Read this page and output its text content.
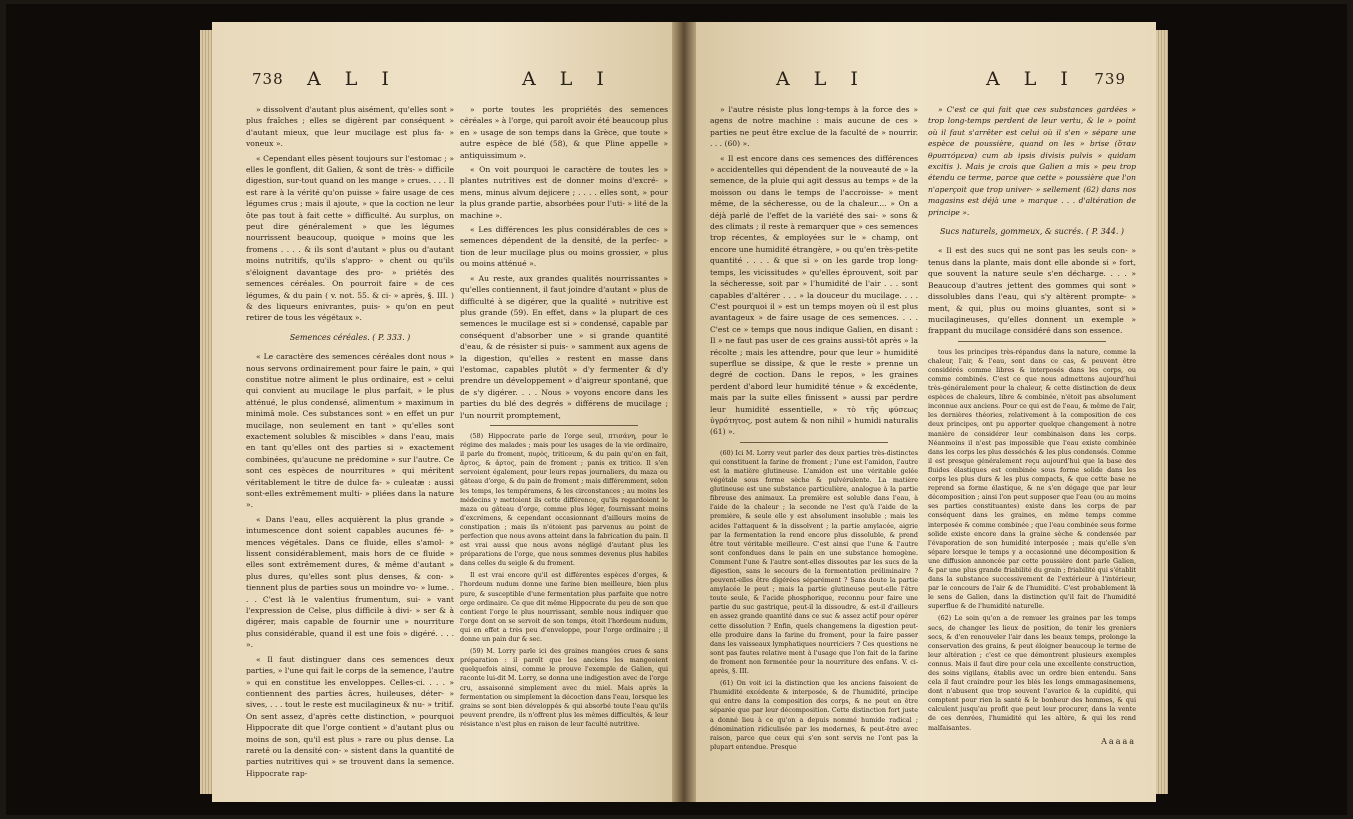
738 A L I	A L I

» dissolvent d'autant plus aisément, qu'elles sont » plus fraîches ; elles se digèrent par conséquent » d'autant mieux, que leur mucilage est plus fa- » voneux ».

« Cependant elles pèsent toujours sur l'estomac ; » elles le gonflent, dit Galien, & sont de très- » difficile digestion, sur-tout quand on les mange » crues. . . . Il est rare à la vérité qu'on puisse » faire usage de ces légumes crus ; mais il ajoute, » que la coction ne leur ôte pas tout à fait cette » difficulté. Au surplus, on peut dire généralement » que les légumes nourrissent beaucoup, quoique » moins que les fromens . . . . & ils sont d'autant » plus ou d'autant moins nutritifs, qu'ils s'appro- » chent ou qu'ils s'éloignent davantage des pro- » priétés des semences céréales. On pourroit faire » de ces légumes, & du pain ( v. not. 55. & ci- » après, §. III. ) & des liqueurs enivrantes, puis- » qu'on en peut retirer de tous les végétaux ».

Semences céréales. ( P. 333. )

« Le caractère des semences céréales dont nous » nous servons ordinairement pour faire le pain, » qui constitue notre aliment le plus ordinaire, est » celui qui convient au mucilage le plus parfait, » le plus atténué, le plus condensé, alimentum » maximum in minimâ mole. Ces substances sont » en effet un pur mucilage, non seulement en tant » qu'elles sont exactement solubles & miscibles » dans l'eau, mais en tant qu'elles ont des parties si » exactement combinées, qu'aucune ne prédomine » sur l'autre. Ce sont ces espèces de nourritures » qui méritent véritablement le titre de dulce fa- » culeatæ : aussi sont-elles extrêmement multi- » pliées dans la nature ».

« Dans l'eau, elles acquièrent la plus grande » intumescence dont soient capables aucunes fé- » mences végétales. Dans ce fluide, elles s'amol- » lissent considérablement, mais hors de ce fluide » elles sont extrêmement dures, & même d'autant » plus dures, qu'elles sont plus denses, & con- » tiennent plus de parties sous un moindre vo- » lume. . . . C'est là le valentius frumentum, sui- » vant l'expression de Celse, plus difficile à divi- » ser & à digérer, mais capable de fournir une » nourriture plus considérable, quand il est une fois » digéré. . . . ».

« Il faut distinguer dans ces semences deux parties, » l'une qui fait le corps de la semence, l'autre » qui en constitue les enveloppes. Celles-ci. . . . » contiennent des parties âcres, huileuses, déter- » sives, . . . tout le reste est mucilagineux & nu- » tritif. On sent assez, d'après cette distinction, » pourquoi Hippocrate dit que l'orge contient » d'autant plus ou moins de son, qu'il est plus » rare ou plus dense. La rareté ou la densité con- » sistent dans la quantité de parties nutritives qui » se trouvent dans la semence. Hippocrate rap-

» porte toutes les propriétés des semences céréales » à l'orge, qui paroît avoir été beaucoup plus en » usage de son temps dans la Grèce, que toute » autre espèce de blé (58), & que Pline appelle » antiquissimum ».

« On voit pourquoi le caractère de toutes les » plantes nutritives est de donner moins d'excré- » mens, minus alvum dejicere ; . . . . elles sont, » pour la plus grande partie, absorbées pour l'uti- » lité de la machine ».

« Les différences les plus considérables de ces » semences dépendent de la densité, de la perfec- » tion de leur mucilage plus ou moins grossier, » plus ou moins atténué ».

« Au reste, aux grandes qualités nourrissantes » qu'elles contiennent, il faut joindre d'autant » plus de difficulté à se digérer, que la qualité » nutritive est plus grande (59). En effet, dans » la plupart de ces semences le mucilage est si » condensé, capable par conséquent d'absorber une » si grande quantité d'eau, & de résister si puis- » samment aux agens de la digestion, qu'elles » restent en masse dans l'estomac, capables plutôt » d'y fermenter & d'y prendre un développement » d'aigreur spontané, que de s'y digérer. . . . Nous » voyons encore dans les parties du blé des degrés » différens de mucilage ; l'un nourrit promptement,

(58) Hippocrate parle de l'orge seul, πτισάνη, pour le régime des malades ; mais pour les usages de la vie ordinaire, il parle du froment, πυρὸς, triticeum, & du pain qu'on en fait, ἄρτος, & ἀρτος, pain de froment ; panis ex tritico. Il s'en servoient également, pour leurs repas journaliers, du maza ou gâteau d'orge, & du pain de froment ; mais différemment, selon les temps, les tempéramens, & les circonstances ; au moins les médecins y mettoient ils cette différence, qu'ils regardoient le maza ou gâteau d'orge, comme plus léger, fournissant moins d'excrémens, & cependant occasionnant d'ailleurs moins de constipation ; mais ils n'étoient pas parvenus au point de perfection que nous avons atteint dans la fabrication du pain. Il est vrai aussi que nous avons négligé d'autant plus les préparations de l'orge, que nous sommes devenus plus habiles dans celles du seigle & du froment.

Il est vrai encore qu'il est différentes espèces d'orges, & l'hordeum nudum donne une farine bien meilleure, bien plus pure, & susceptible d'une fermentation plus parfaite que notre orge ordinaire. Ce que dit même Hippocrate du peu de son que contient l'orge le plus nourrissant, semble nous indiquer que l'orge dont on se servoit de son temps, étoit l'hordeum nudum, qui en effet a très peu d'enveloppe, pour l'orge ordinaire ; il donne un pain dur & sec.

(59) M. Lorry parle ici des graines mangées crues & sans préparation : il paroît que les anciens les mangeoient quelquefois ainsi, comme le prouve l'exemple de Galien, qui raconte lui-dit M. Lorry, se donna une indigestion avec de l'orge cru, assaisonné simplement avec du miel. Mais après la fermentation ou simplement la décoction dans l'eau, lorsque les grains se sont bien développés & qui absorbé toute l'eau qu'ils peuvent prendre, ils n'offrent plus les mêmes difficultés, & leur résistance n'est plus en raison de leur faculté nutritive.

A L I	A L I 739

» l'autre résiste plus long-temps à la force des » agens de notre machine : mais aucune de ces » parties ne peut être exclue de la faculté de » nourrir. . . . (60) ».

« Il est encore dans ces semences des différences » accidentelles qui dépendent de la nouveauté de » la semence, de la pluie qui agit dessus au temps » de la moisson ou dans le temps de l'accroisse- » ment même, de la sécheresse, ou de la chaleur.... » On a déjà parlé de l'effet de la variété des sai- » sons & des climats ; il reste à remarquer que » ces semences trop récentes, & employées sur le » champ, ont encore une humidité étrangère, » ou qu'en très-petite quantité . . . . & que si » on les garde trop long-temps, les vicissitudes » qu'elles éprouvent, soit par la sécheresse, soit par » l'humidité de l'air . . . sont capables d'altérer . . . » la douceur du mucilage. . . . C'est pourquoi il » est un temps moyen où il est plus avantageux » de faire usage de ces semences. . . . C'est ce » temps que nous indique Galien, en disant : Il » ne faut pas user de ces grains aussi-tôt après » la récolte ; mais les attendre, pour que leur » humidité superflue se dissipe, & que le reste » prenne un degré de coction. Dans le repos, » les graines perdent d'abord leur humidité ténue » & excédente, mais par la suite elles finissent » aussi par perdre leur humidité essentielle, » τὸ τῆς φύσεως ὑγρότητος, post autem & non nihil » humidi naturalis (61) ».

(60) Ici M. Lorry veut parler des deux parties très-distinctes qui constituent la farine de froment ; l'une est l'amidon, l'autre est la matière glutineuse. L'amidon est une véritable gelée végétale sous forme sèche & pulvérulente. La matière glutineuse est une substance particulière, analogue à la partie fibreuse des animaux. La première est soluble dans l'eau, à l'aide de la chaleur ; la seconde ne l'est qu'à l'aide de la première, & seule elle y est absolument insoluble ; mais les acides l'attaquent & la dissolvent ; la partie amylacée, aigrie par la fermentation la rend encore plus dissoluble, & prend être tout véritable meilleure. C'est ainsi que l'une & l'autre sont confondues dans le pain en une substance homogène. Comment l'une & l'autre sont-elles dissoutes par les sucs de la digestion, sans le secours de la fermentation préliminaire ? peuvent-elles être digérées séparément ? Sans doute la partie amylacée le peut ; mais la partie glutineuse peut-elle l'être toute seule, & l'acide phosphorique, reconnu pour faire une partie du suc gastrique, peut-il la dissoudre, & est-il d'ailleurs en assez grande quantité dans ce suc & assez actif pour opérer cette dissolution ? Enfin, quels changemens la digestion peut-elle produire dans la farine du froment, pour la faire passer dans les vaisseaux lymphatiques nourriciers ? Ces questions ne sont pas fautes relative ment à l'usage que l'on fait de la farine de froment non fermentée pour la nourriture des enfans. V. ci-après, §. III.

(61) On voit ici la distinction que les anciens faisoient de l'humidité excédente & interposée, & de l'humidité, principe qui entre dans la composition des corps, & ne peut en être séparée que par leur décomposition. Cette distinction fort juste a donné lieu à ce qu'on a depuis nommé humide radical ; dénomination ridiculisée par les modernes, & peut-être avec raison, parce que ceux qui s'en sont servis ne l'ont pas la plupart entendue. Presque

» C'est ce qui fait que ces substances gardées » trop long-temps perdent de leur vertu, & le » point où il faut s'arrêter est celui où il s'en » sépare une espèce de poussière, quand on les » brise (ὅταν θρυπτόμενα) cum ab ipsis divisis pulvis » quidam excitis ). Mais je crois que Galien a mis » peu trop étendu ce terme, parce que cette » poussière que l'on n'aperçoit que trop univer- » sellement (62) dans nos magasins est déjà une » marque . . . d'altération de principe ».

Sucs naturels, gommeux, & sucrés. ( P. 344. )

« Il est des sucs qui ne sont pas les seuls con- » tenus dans la plante, mais dont elle abonde si » fort, que souvent la nature seule s'en décharge. . . . » Beaucoup d'autres jettent des gommes qui sont » dissolubles dans l'eau, qui s'y altèrent prompte- » ment, & qui, plus ou moins gluantes, sont si » mucilagineuses, qu'elles donnent un exemple » frappant du mucilage considéré dans son essence.

tous les principes très-répandus dans la nature, comme la chaleur, l'air, & l'eau, sont dans ce cas, & peuvent être considérés comme libres & interposés dans les corps, ou comme combinés. C'est ce que nous admettons aujourd'hui très-généralement pour la chaleur, & cette distinction de deux espèces de chaleurs, libre & combinée, n'étoit pas absolument inconnue aux anciens. Pour ce qui est de l'eau, & même de l'air, les dernières théories, relativement à la composition de ces deux principes, ont pu apporter quelque changement à notre manière de considérer leur combinaison dans les corps. Néanmoins il n'est pas impossible que l'eau existe combinée dans les corps les plus desséchés & les plus condensés. Comme il est presque généralement reçu aujourd'hui que la base des fluides élastiques est combinée sous forme solide dans les corps les plus durs & les plus compacts, & que cette base ne reprend sa forme élastique, & ne s'en dégage que par leur décomposition ; ainsi l'on peut supposer que l'eau (ou au moins ses parties constituantes) existe dans les corps de par conséquent dans les graines, en même temps comme interposée & comme combinée ; que l'eau combinée sous forme solide existe encore dans la graine sèche & condensée par l'évaporation de son humidité interposée ; mais qu'elle s'en sépare lorsque le temps y a occasionné une décomposition & une diffusion annoncée par cette poussière dont parle Galien, & par une plus grande friabilité du grain ; friabilité qui s'établit dans la substance successivement de l'extérieur à l'intérieur, par le concours de l'air & de l'humidité. C'est probablement là le sens de Galien, dans la distinction qu'il fait de l'humidité superflue & de l'humidité naturelle.

(62) Le soin qu'on a de remuer les graines par les temps secs, de changer les lieux de position, de tenir les greniers secs, & d'en renouveler l'air dans les beaux temps, prolonge la conservation des grains, & peut éloigner beaucoup le terme de leur altération ; c'est ce que démontrent plusieurs exemples connus. Mais il faut dire pour cela une excellente construction, des soins vigilans, établis avec un ordre bien entendu. Sans cela il faut craindre pour les blés les longs emmagasinemens, dont n'abusent que trop souvent l'avarice & la cupidité, qui comptent pour rien la santé & le bonheur des hommes, & qui calculent jusqu'au profit que peut leur procurer, dans la vente de ces denrées, l'humidité qui les altère, & qui les rend malfaisantes.

Aaaaa
